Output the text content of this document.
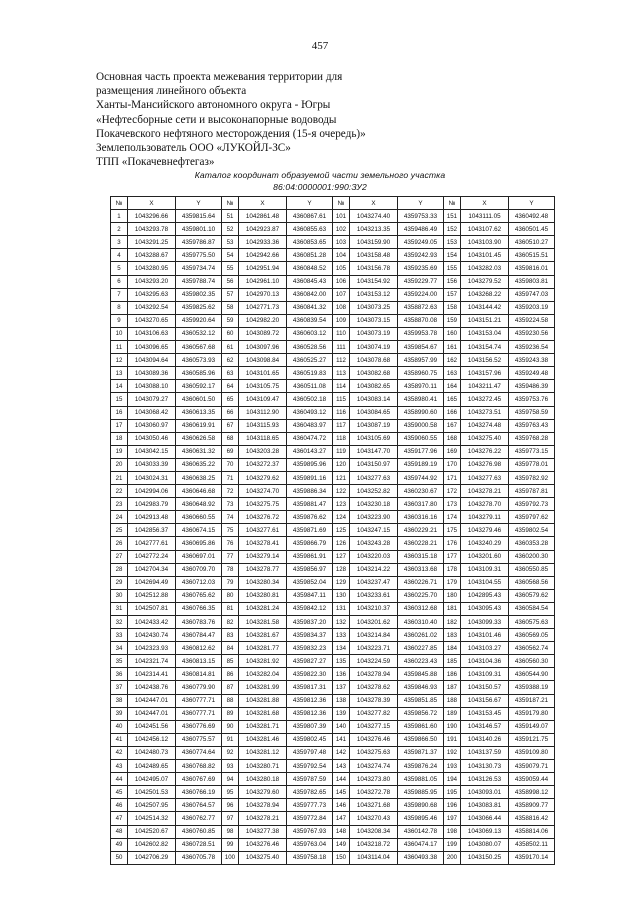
457
Основная часть проекта межевания территории для
размещения линейного объекта
Ханты-Мансийского автономного округа - Югры
«Нефтесборные сети и высоконапорные водоводы
Покачевского нефтяного месторождения (15-я очередь)»
Землепользователь ООО «ЛУКОЙЛ-ЗС»
ТПП «Покачевнефтегаз»
Каталог координат образуемой части земельного участка
86:04:0000001:990:ЗУ2
№	X	Y	№	X	Y	№	X	Y	№	X	Y
1	1043296.66	4359815.64	51	1042861.48	4360867.61	101	1043274.40	4359753.33	151	1043111.05	4360492.48
2	1043293.78	4359801.10	52	1042923.87	4360855.63	102	1043213.35	4359486.49	152	1043107.62	4360501.45
3	1043291.25	4359786.87	53	1042933.36	4360853.65	103	1043159.90	4359249.05	153	1043103.90	4360510.27
4	1043288.67	4359775.50	54	1042942.66	4360851.28	104	1043158.48	4359242.93	154	1043101.45	4360515.51
5	1043280.95	4359734.74	55	1042951.94	4360848.52	105	1043156.78	4359235.69	155	1043282.03	4359816.01
6	1043293.20	4359788.74	56	1042961.10	4360845.43	106	1043154.92	4359229.77	156	1043279.52	4359803.81
7	1043295.63	4359802.35	57	1042970.13	4360842.00	107	1043153.12	4359224.00	157	1043268.22	4359747.03
8	1043292.54	4359825.62	58	1042771.73	4360841.32	108	1043073.25	4358872.63	158	1043144.42	4359203.19
9	1043270.65	4359920.64	59	1042982.20	4360839.54	109	1043073.15	4358870.08	159	1043151.21	4359224.58
10	1043106.63	4360532.12	60	1043089.72	4360603.12	110	1043073.19	4359953.78	160	1043153.04	4359230.56
11	1043096.65	4360567.68	61	1043097.96	4360528.56	111	1043074.19	4359854.67	161	1043154.74	4359236.54
12	1043094.64	4360573.93	62	1043098.84	4360525.27	112	1043078.68	4358957.99	162	1043156.52	4359243.38
13	1043089.36	4360585.96	63	1043101.65	4360519.83	113	1043082.68	4358960.75	163	1043157.96	4359249.48
14	1043088.10	4360592.17	64	1043105.75	4360511.08	114	1043082.65	4358970.11	164	1043211.47	4359486.39
15	1043079.27	4360601.50	65	1043109.47	4360502.18	115	1043083.14	4358980.41	165	1043272.45	4359753.76
16	1043068.42	4360613.35	66	1043112.90	4360493.12	116	1043084.65	4358990.60	166	1043273.51	4359758.59
17	1043060.97	4360619.91	67	1043115.93	4360483.97	117	1043087.19	4359000.58	167	1043274.48	4359763.43
18	1043050.46	4360626.58	68	1043118.65	4360474.72	118	1043105.69	4359060.55	168	1043275.40	4359768.28
19	1043042.15	4360631.32	69	1043203.28	4360143.27	119	1043147.70	4359177.96	169	1043276.22	4359773.15
20	1043033.39	4360635.22	70	1043272.37	4359895.96	120	1043150.97	4359189.19	170	1043276.98	4359778.01
21	1043024.31	4360638.25	71	1043279.62	4359891.16	121	1043277.63	4359744.92	171	1043277.63	4359782.92
22	1042994.06	4360646.68	72	1043274.70	4359886.34	122	1043252.82	4360230.67	172	1043278.21	4359787.81
23	1042983.79	4360648.92	73	1043275.75	4359881.47	123	1043230.18	4360317.80	173	1043278.70	4359792.73
24	1042913.48	4360660.55	74	1043276.72	4359876.62	124	1043223.90	4360316.16	174	1043279.11	4359797.62
25	1042856.37	4360674.15	75	1043277.61	4359871.69	125	1043247.15	4360229.21	175	1043279.46	4359802.54
26	1042777.61	4360695.86	76	1043278.41	4359866.79	126	1043243.28	4360228.21	176	1043240.29	4360353.28
27	1042772.24	4360697.01	77	1043279.14	4359861.91	127	1043220.03	4360315.18	177	1043201.60	4360200.30
28	1042704.34	4360709.70	78	1043278.77	4359856.97	128	1043214.22	4360313.68	178	1043109.31	4360550.85
29	1042694.49	4360712.03	79	1043280.34	4359852.04	129	1043237.47	4360226.71	179	1043104.55	4360568.56
30	1042512.88	4360765.62	80	1043280.81	4359847.11	130	1043233.61	4360225.70	180	1042895.43	4360579.62
31	1042507.81	4360766.35	81	1043281.24	4359842.12	131	1043210.37	4360312.68	181	1043095.43	4360584.54
32	1042433.42	4360783.76	82	1043281.58	4359837.20	132	1043201.62	4360310.40	182	1043099.33	4360575.63
33	1042430.74	4360784.47	83	1043281.67	4359834.37	133	1043214.84	4360261.02	183	1043101.46	4360569.05
34	1042323.93	4360812.62	84	1043281.77	4359832.23	134	1043223.71	4360227.85	184	1043103.27	4360562.74
35	1042321.74	4360813.15	85	1043281.92	4359827.27	135	1043224.59	4360223.43	185	1043104.36	4360560.30
36	1042314.41	4360814.81	86	1043282.04	4359822.30	136	1043278.94	4359845.88	186	1043109.31	4360544.90
37	1042438.76	4360779.90	87	1043281.99	4359817.31	137	1043278.62	4359846.93	187	1043150.57	4359388.19
38	1042447.01	4360777.71	88	1043281.88	4359812.36	138	1043278.39	4359851.85	188	1043156.67	4359187.21
39	1042447.01	4360777.71	89	1043281.68	4359812.36	139	1043277.82	4359856.72	189	1043153.45	4359179.80
40	1042451.56	4360776.69	90	1043281.71	4359807.39	140	1043277.15	4359861.60	190	1043146.57	4359149.07
41	1042456.12	4360775.57	91	1043281.46	4359802.45	141	1043276.46	4359866.50	191	1043140.26	4359121.75
42	1042480.73	4360774.64	92	1043281.12	4359797.48	142	1043275.63	4359871.37	192	1043137.59	4359109.80
43	1042489.65	4360768.82	93	1043280.71	4359792.54	143	1043274.74	4359876.24	193	1043130.73	4359079.71
44	1042495.07	4360767.69	94	1043280.18	4359787.59	144	1043273.80	4359881.05	194	1043126.53	4359059.44
45	1042501.53	4360766.19	95	1043279.60	4359782.65	145	1043272.78	4359885.95	195	1043093.01	4358998.12
46	1042507.95	4360764.57	96	1043278.94	4359777.73	146	1043271.68	4359890.68	196	1043083.81	4358909.77
47	1042514.32	4360762.77	97	1043278.21	4359772.84	147	1043270.43	4359895.46	197	1043066.44	4358816.42
48	1042520.67	4360760.85	98	1043277.38	4359767.93	148	1043208.34	4360142.78	198	1043069.13	4358814.06
49	1042602.82	4360728.51	99	1043276.46	4359763.04	149	1043218.72	4360474.17	199	1043080.07	4358502.11
50	1042706.29	4360705.78	100	1043275.40	4359758.18	150	1043114.04	4360493.38	200	1043150.25	4359170.14
